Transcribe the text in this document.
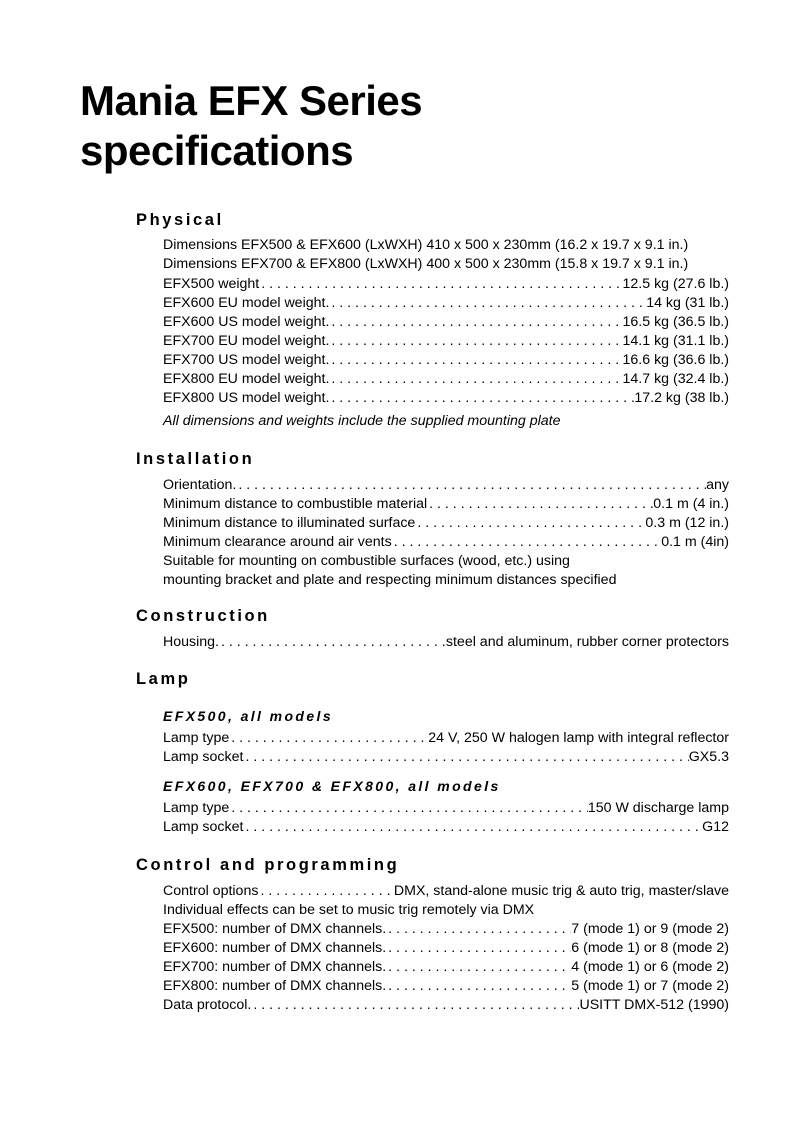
Mania EFX Series
specifications
Physical
Dimensions EFX500 & EFX600 (LxWXH) 410 x 500 x 230mm (16.2 x 19.7 x 9.1 in.)
Dimensions EFX700 & EFX800 (LxWXH) 400 x 500 x 230mm (15.8 x 19.7 x 9.1 in.)
EFX500 weight . . .	12.5 kg (27.6 lb.)
EFX600 EU model weight. . . .	14 kg (31 lb.)
EFX600 US model weight. . . .	16.5 kg (36.5 lb.)
EFX700 EU model weight. . . .	14.1 kg (31.1 lb.)
EFX700 US model weight. . . .	16.6 kg (36.6 lb.)
EFX800 EU model weight. . . .	14.7 kg (32.4 lb.)
EFX800 US model weight. . . .	17.2 kg (38 lb.)
All dimensions and weights include the supplied mounting plate
Installation
Orientation. . . .	any
Minimum distance to combustible material . . .	0.1 m (4 in.)
Minimum distance to illuminated surface . . .	0.3 m (12 in.)
Minimum clearance around air vents . . .	0.1 m (4in)
Suitable for mounting on combustible surfaces (wood, etc.) using
mounting bracket and plate and respecting minimum distances specified
Construction
Housing. . . .	steel and aluminum, rubber corner protectors
Lamp
EFX500, all models
Lamp type . . .	24 V, 250 W halogen lamp with integral reflector
Lamp socket . . .	GX5.3
EFX600, EFX700 & EFX800, all models
Lamp type . . .	150 W discharge lamp
Lamp socket . . .	G12
Control and programming
Control options . . .	DMX, stand-alone music trig & auto trig, master/slave
Individual effects can be set to music trig remotely via DMX
EFX500: number of DMX channels. . . .	7 (mode 1) or 9 (mode 2)
EFX600: number of DMX channels. . . .	6 (mode 1) or 8 (mode 2)
EFX700: number of DMX channels. . . .	4 (mode 1) or 6 (mode 2)
EFX800: number of DMX channels. . . .	5 (mode 1) or 7 (mode 2)
Data protocol. . . .	USITT DMX-512 (1990)
